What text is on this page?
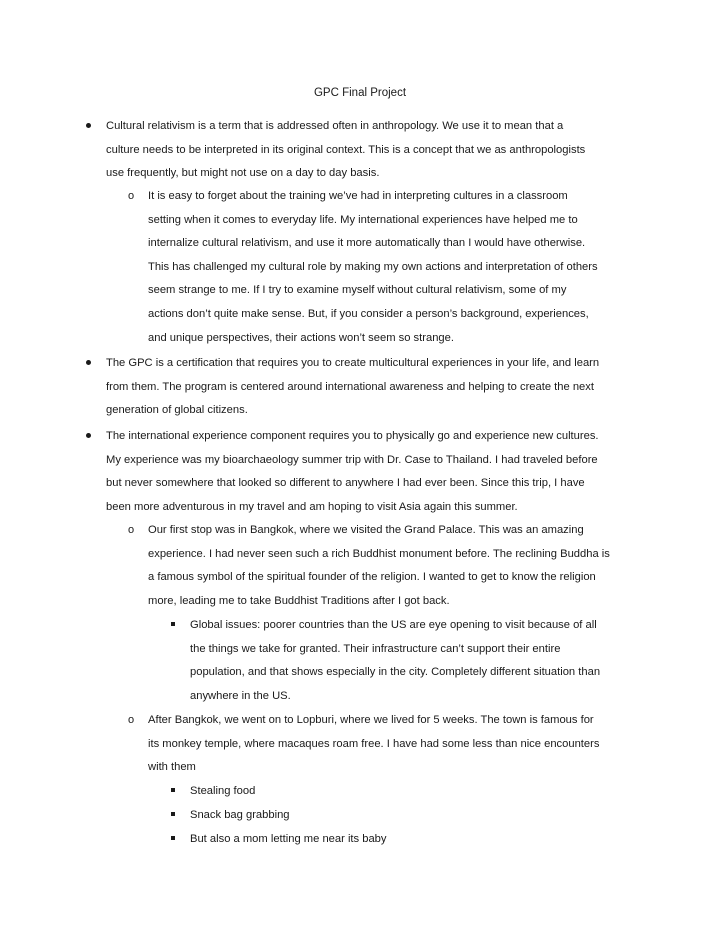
GPC Final Project
Cultural relativism is a term that is addressed often in anthropology. We use it to mean that a
culture needs to be interpreted in its original context. This is a concept that we as anthropologists
use frequently, but might not use on a day to day basis.
o It is easy to forget about the training we’ve had in interpreting cultures in a classroom
setting when it comes to everyday life. My international experiences have helped me to
internalize cultural relativism, and use it more automatically than I would have otherwise.
This has challenged my cultural role by making my own actions and interpretation of others
seem strange to me. If I try to examine myself without cultural relativism, some of my
actions don’t quite make sense. But, if you consider a person’s background, experiences,
and unique perspectives, their actions won’t seem so strange.
The GPC is a certification that requires you to create multicultural experiences in your life, and learn
from them. The program is centered around international awareness and helping to create the next
generation of global citizens.
The international experience component requires you to physically go and experience new cultures.
My experience was my bioarchaeology summer trip with Dr. Case to Thailand. I had traveled before
but never somewhere that looked so different to anywhere I had ever been. Since this trip, I have
been more adventurous in my travel and am hoping to visit Asia again this summer.
o Our first stop was in Bangkok, where we visited the Grand Palace. This was an amazing
experience. I had never seen such a rich Buddhist monument before. The reclining Buddha is
a famous symbol of the spiritual founder of the religion. I wanted to get to know the religion
more, leading me to take Buddhist Traditions after I got back.
Global issues: poorer countries than the US are eye opening to visit because of all
the things we take for granted. Their infrastructure can’t support their entire
population, and that shows especially in the city. Completely different situation than
anywhere in the US.
o After Bangkok, we went on to Lopburi, where we lived for 5 weeks. The town is famous for
its monkey temple, where macaques roam free. I have had some less than nice encounters
with them
Stealing food
Snack bag grabbing
But also a mom letting me near its baby
